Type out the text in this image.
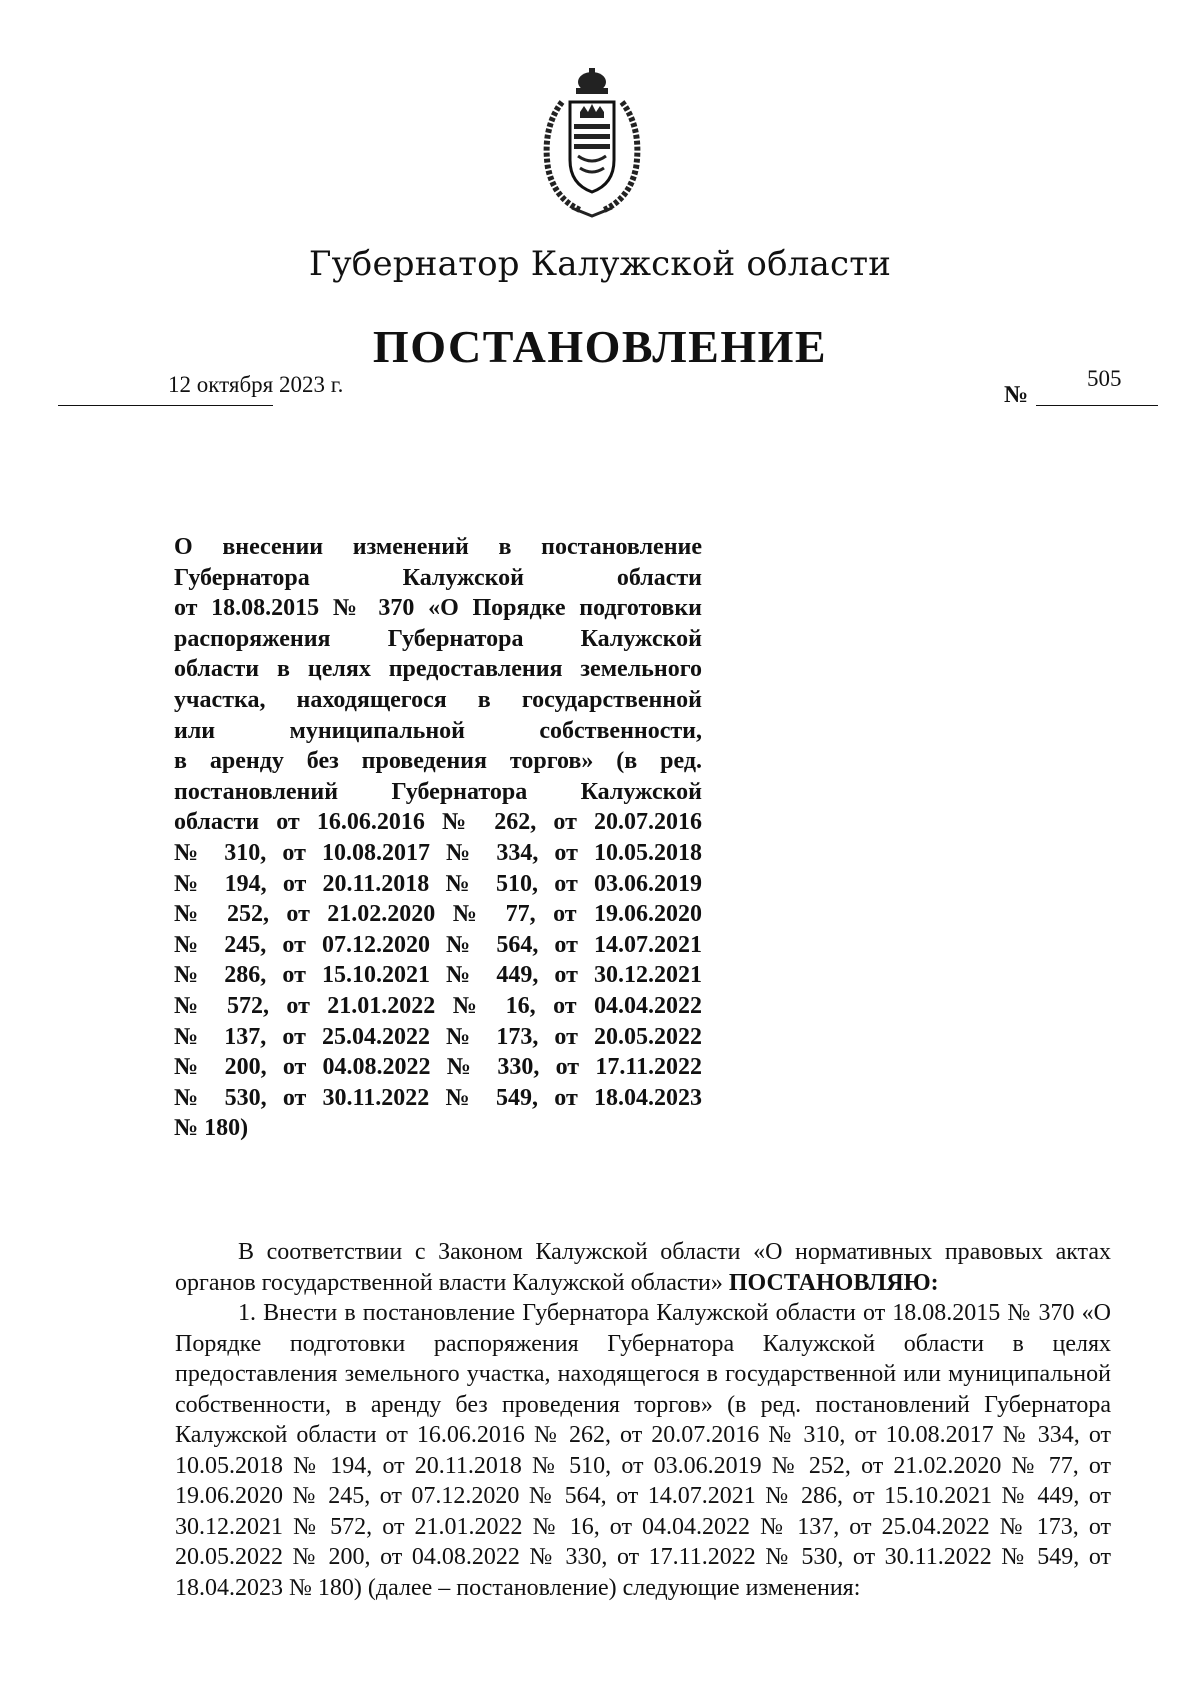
Губернатор Калужской области
ПОСТАНОВЛЕНИЕ
12 октября 2023 г.	№
505
О внесении изменений в постановление
Губернатора Калужской области
от 18.08.2015 № 370 «О Порядке подготовки
распоряжения Губернатора Калужской
области в целях предоставления земельного
участка, находящегося в государственной
или муниципальной собственности,
в аренду без проведения торгов» (в ред.
постановлений Губернатора Калужской
области от 16.06.2016 № 262, от 20.07.2016
№ 310, от 10.08.2017 № 334, от 10.05.2018
№ 194, от 20.11.2018 № 510, от 03.06.2019
№ 252, от 21.02.2020 № 77, от 19.06.2020
№ 245, от 07.12.2020 № 564, от 14.07.2021
№ 286, от 15.10.2021 № 449, от 30.12.2021
№ 572, от 21.01.2022 № 16, от 04.04.2022
№ 137, от 25.04.2022 № 173, от 20.05.2022
№ 200, от 04.08.2022 № 330, от 17.11.2022
№ 530, от 30.11.2022 № 549, от 18.04.2023
№ 180)

В соответствии с Законом Калужской области «О нормативных правовых актах органов государственной власти Калужской области» ПОСТАНОВЛЯЮ:

1. Внести в постановление Губернатора Калужской области от 18.08.2015 № 370 «О Порядке подготовки распоряжения Губернатора Калужской области в целях предоставления земельного участка, находящегося в государственной или муниципальной собственности, в аренду без проведения торгов» (в ред. постановлений Губернатора Калужской области от 16.06.2016 № 262, от 20.07.2016 № 310, от 10.08.2017 № 334, от 10.05.2018 № 194, от 20.11.2018 № 510, от 03.06.2019 № 252, от 21.02.2020 № 77, от 19.06.2020 № 245, от 07.12.2020 № 564, от 14.07.2021 № 286, от 15.10.2021 № 449, от 30.12.2021 № 572, от 21.01.2022 № 16, от 04.04.2022 № 137, от 25.04.2022 № 173, от 20.05.2022 № 200, от 04.08.2022 № 330, от 17.11.2022 № 530, от 30.11.2022 № 549, от 18.04.2023 № 180) (далее – постановление) следующие изменения:
